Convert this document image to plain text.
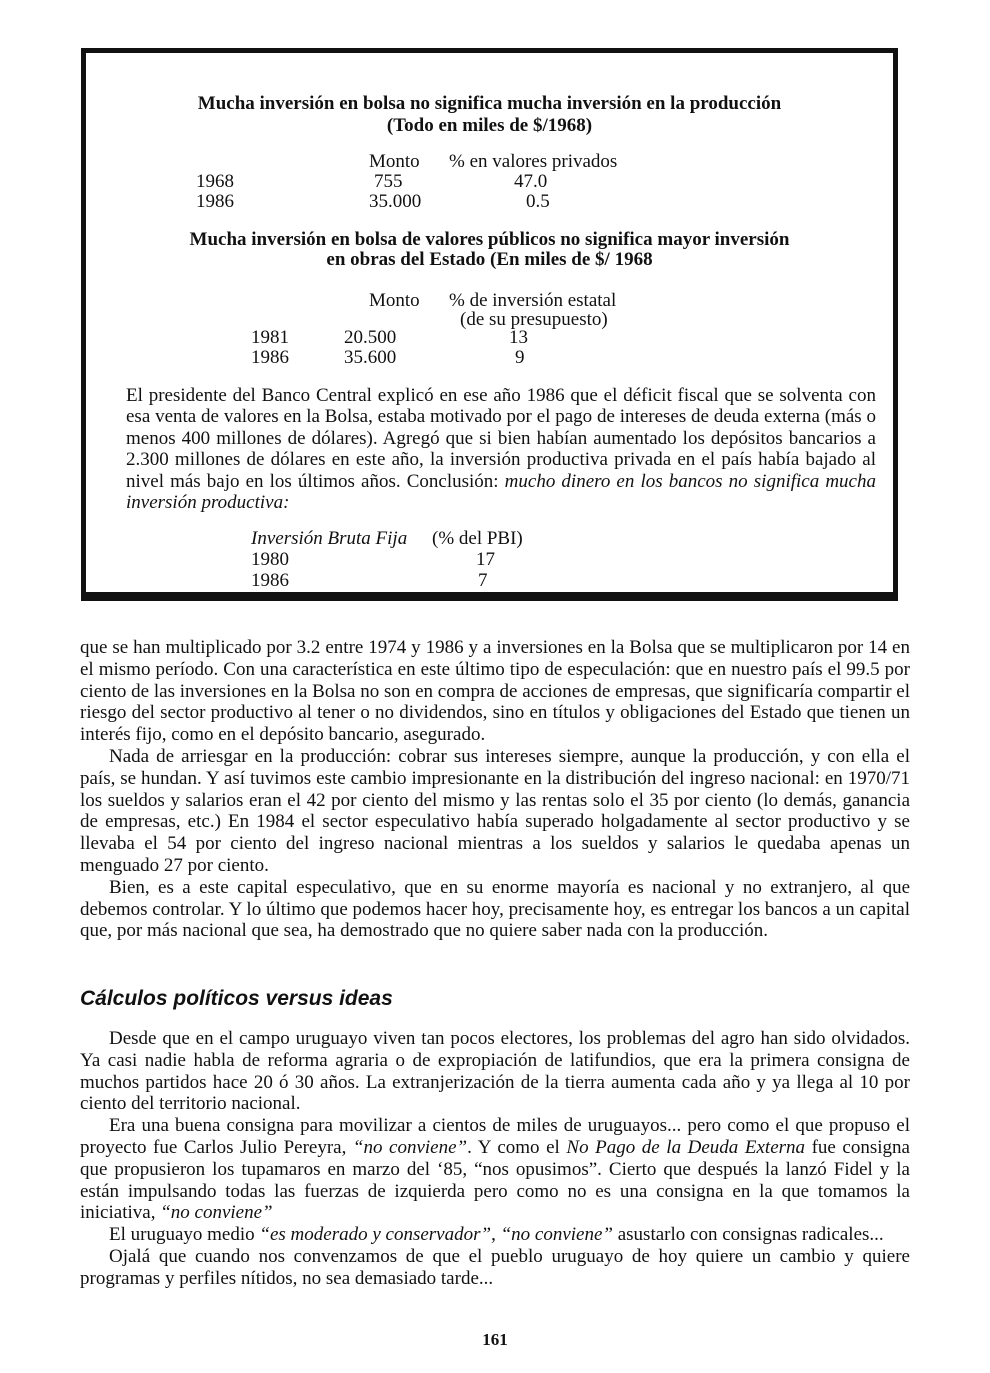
Mucha inversión en bolsa no significa mucha inversión en la producción
(Todo en miles de $/1968)
Monto % en valores privados
1968	755	47.0
1986	35.000	0.5
Mucha inversión en bolsa de valores públicos no significa mayor inversión
en obras del Estado (En miles de $/ 1968
Monto % de inversión estatal
(de su presupuesto)
1981	20.500	13
1986	35.600	9
El presidente del Banco Central explicó en ese año 1986 que el déficit fiscal que se solventa con esa venta de valores en la Bolsa, estaba motivado por el pago de intereses de deuda externa (más o menos 400 millones de dólares). Agregó que si bien habían aumentado los depósitos bancarios a 2.300 millones de dólares en este año, la inversión productiva privada en el país había bajado al nivel más bajo en los últimos años. Conclusión: mucho dinero en los bancos no significa mucha inversión productiva:
Inversión Bruta Fija (% del PBI)
1980	17
1986	7

que se han multiplicado por 3.2 entre 1974 y 1986 y a inversiones en la Bolsa que se multiplicaron por 14 en el mismo período. Con una característica en este último tipo de especulación: que en nuestro país el 99.5 por ciento de las inversiones en la Bolsa no son en compra de acciones de empresas, que significaría compartir el riesgo del sector productivo al tener o no dividendos, sino en títulos y obligaciones del Estado que tienen un interés fijo, como en el depósito bancario, asegurado.

Nada de arriesgar en la producción: cobrar sus intereses siempre, aunque la producción, y con ella el país, se hundan. Y así tuvimos este cambio impresionante en la distribución del ingreso nacional: en 1970/71 los sueldos y salarios eran el 42 por ciento del mismo y las rentas solo el 35 por ciento (lo demás, ganancia de empresas, etc.) En 1984 el sector especulativo había superado holgadamente al sector productivo y se llevaba el 54 por ciento del ingreso nacional mientras a los sueldos y salarios le quedaba apenas un menguado 27 por ciento.

Bien, es a este capital especulativo, que en su enorme mayoría es nacional y no extranjero, al que debemos controlar. Y lo último que podemos hacer hoy, precisamente hoy, es entregar los bancos a un capital que, por más nacional que sea, ha demostrado que no quiere saber nada con la producción.

Cálculos políticos versus ideas

Desde que en el campo uruguayo viven tan pocos electores, los problemas del agro han sido olvidados. Ya casi nadie habla de reforma agraria o de expropiación de latifundios, que era la primera consigna de muchos partidos hace 20 ó 30 años. La extranjerización de la tierra aumenta cada año y ya llega al 10 por ciento del territorio nacional.

Era una buena consigna para movilizar a cientos de miles de uruguayos... pero como el que propuso el proyecto fue Carlos Julio Pereyra, “no conviene”. Y como el No Pago de la Deuda Externa fue consigna que propusieron los tupamaros en marzo del ‘85, “nos opusimos”. Cierto que después la lanzó Fidel y la están impulsando todas las fuerzas de izquierda pero como no es una consigna en la que tomamos la iniciativa, “no conviene”

El uruguayo medio “es moderado y conservador”, “no conviene” asustarlo con consignas radicales...

Ojalá que cuando nos convenzamos de que el pueblo uruguayo de hoy quiere un cambio y quiere programas y perfiles nítidos, no sea demasiado tarde...

161
